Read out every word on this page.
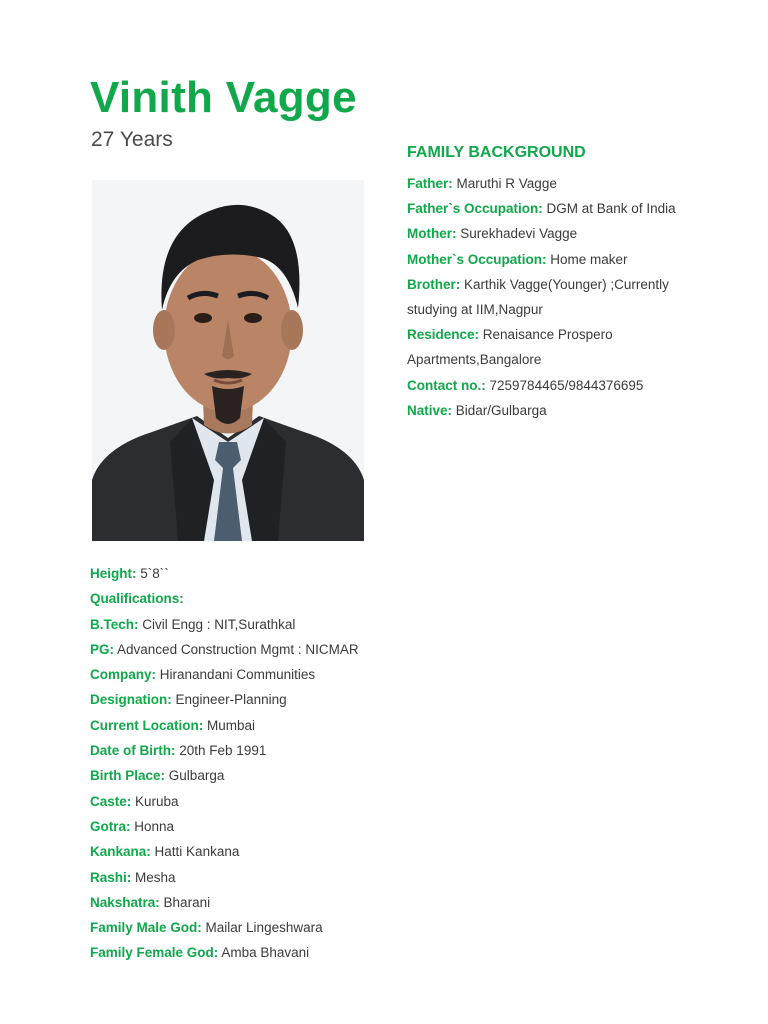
Vinith Vagge
27 Years
FAMILY BACKGROUND
Father: Maruthi R Vagge
Father`s Occupation: DGM at Bank of India
Mother: Surekhadevi Vagge
Mother`s Occupation: Home maker
Brother: Karthik Vagge(Younger) ;Currently studying at IIM,Nagpur
Residence: Renaisance Prospero Apartments,Bangalore
Contact no.: 7259784465/9844376695
Native: Bidar/Gulbarga
Height: 5`8``
Qualifications:
B.Tech: Civil Engg : NIT,Surathkal
PG: Advanced Construction Mgmt : NICMAR
Company: Hiranandani Communities
Designation: Engineer-Planning
Current Location: Mumbai
Date of Birth: 20th Feb 1991
Birth Place: Gulbarga
Caste: Kuruba
Gotra: Honna
Kankana: Hatti Kankana
Rashi: Mesha
Nakshatra: Bharani
Family Male God: Mailar Lingeshwara
Family Female God: Amba Bhavani
